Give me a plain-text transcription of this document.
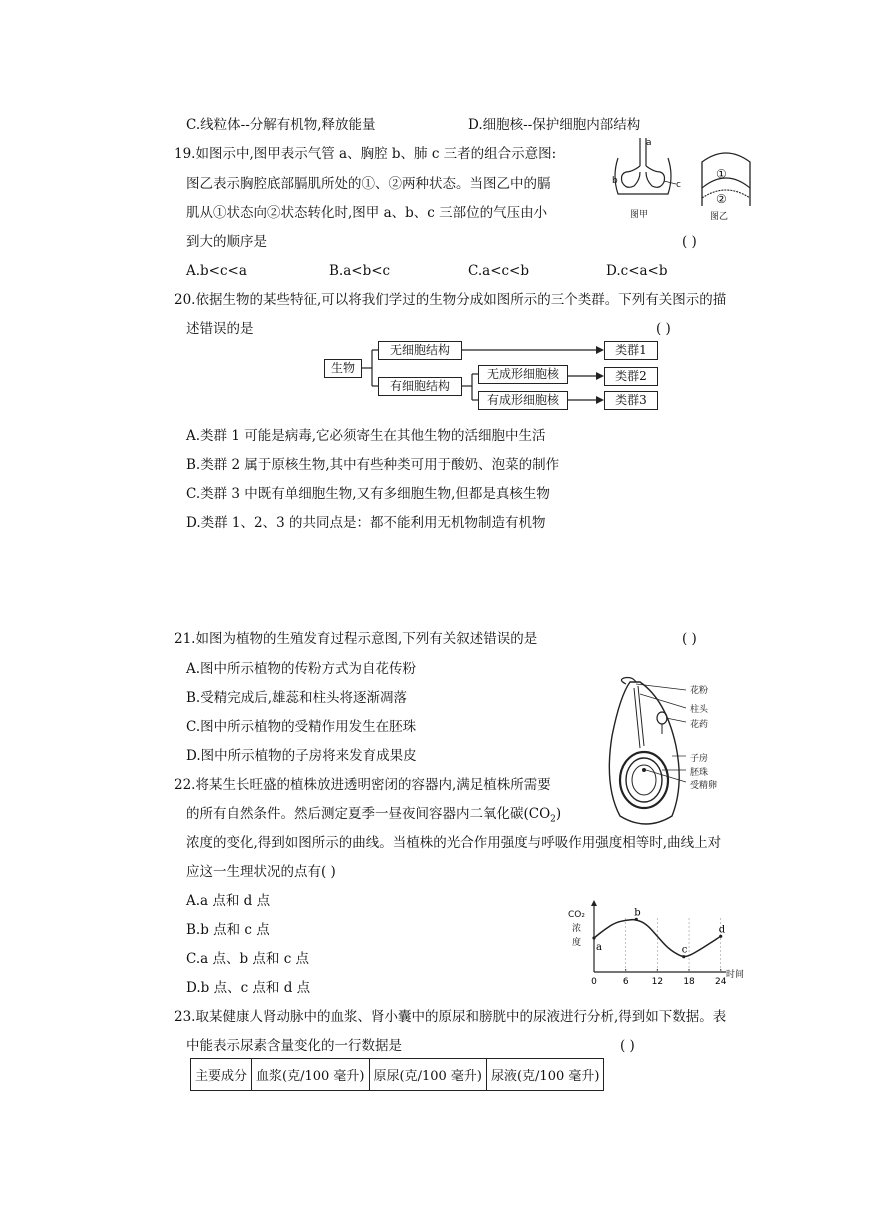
C.线粒体--分解有机物,释放能量	D.细胞核--保护细胞内部结构
19.如图示中,图甲表示气管 a、胸腔 b、肺 c 三者的组合示意图:
图乙表示胸腔底部膈肌所处的①、②两种状态。当图乙中的膈
肌从①状态向②状态转化时,图甲 a、b、c 三部位的气压由小
到大的顺序是	( )
A.b<c<a	B.a<b<c	C.a<c<b	D.c<a<b
a
b	c
图甲
①
②
图乙
20.依据生物的某些特征,可以将我们学过的生物分成如图所示的三个类群。下列有关图示的描
述错误的是	( )
生物
无细胞结构
有细胞结构
无成形细胞核
有成形细胞核
类群1
类群2
类群3
A.类群 1 可能是病毒,它必须寄生在其他生物的活细胞中生活
B.类群 2 属于原核生物,其中有些种类可用于酸奶、泡菜的制作
C.类群 3 中既有单细胞生物,又有多细胞生物,但都是真核生物
D.类群 1、2、3 的共同点是：都不能利用无机物制造有机物
21.如图为植物的生殖发育过程示意图,下列有关叙述错误的是	( )
A.图中所示植物的传粉方式为自花传粉
B.受精完成后,雄蕊和柱头将逐渐凋落
C.图中所示植物的受精作用发生在胚珠
D.图中所示植物的子房将来发育成果皮
花粉
柱头
花药
子房
胚珠
受精卵
22.将某生长旺盛的植株放进透明密闭的容器内,满足植株所需要
的所有自然条件。然后测定夏季一昼夜间容器内二氧化碳$(CO_2)$
浓度的变化,得到如图所示的曲线。当植株的光合作用强度与呼吸作用强度相等时,曲线上对
应这一生理状况的点有( )
A.a 点和 d 点
B.b 点和 c 点
C.a 点、b 点和 c 点
D.b 点、c 点和 d 点
CO₂
浓
度
0	6	12 18 24
a
b
c
d
时间
23.取某健康人肾动脉中的血浆、肾小囊中的原尿和膀胱中的尿液进行分析,得到如下数据。表
中能表示尿素含量变化的一行数据是	( )
主要成分	血浆(克/100 毫升)	原尿(克/100 毫升)	尿液(克/100 毫升)
